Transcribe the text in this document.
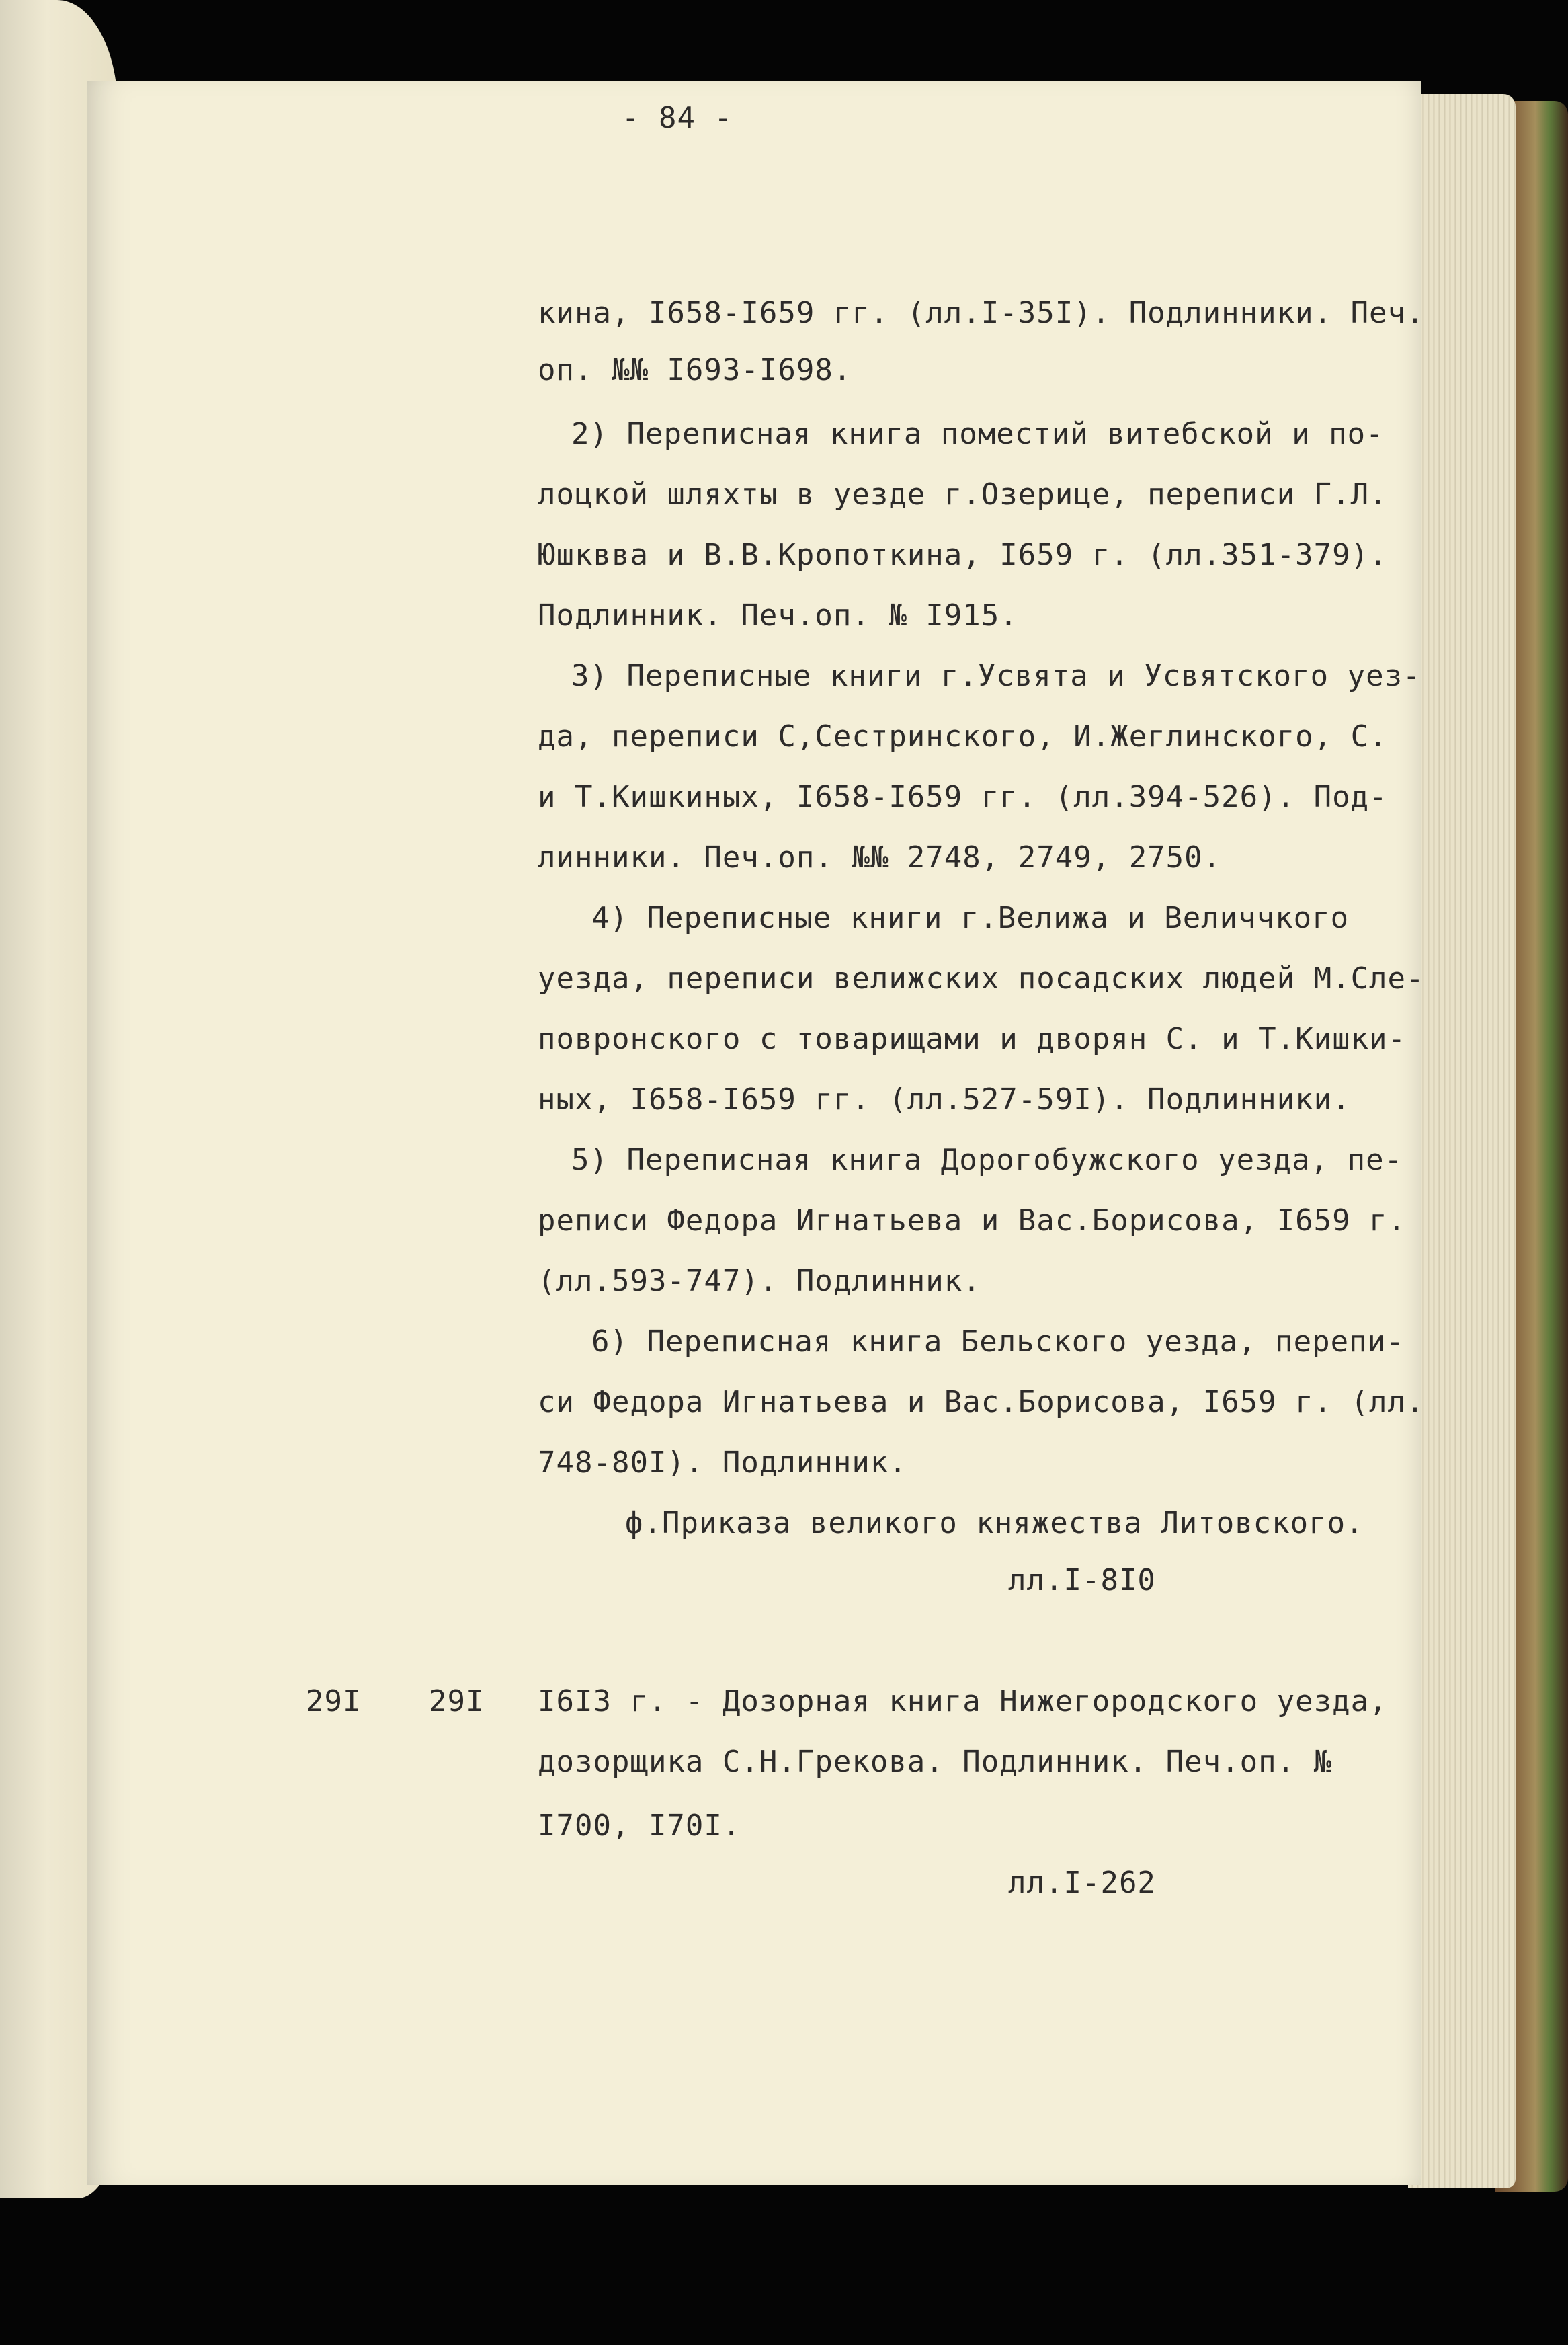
- 84 -
кина, I658-I659 гг. (лл.I-35I). Подлинники. Печ.
оп. №№ I693-I698.
2) Переписная книга поместий витебской и по-
лоцкой шляхты в уезде г.Озерице, переписи Г.Л.
Юшквва и В.В.Кропоткина, I659 г. (лл.351-379).
Подлинник. Печ.оп. № I915.
3) Переписные книги г.Усвята и Усвятского уез-
да, переписи С,Сестринского, И.Жеглинского, С.
и Т.Кишкиных, I658-I659 гг. (лл.394-526). Под-
линники. Печ.оп. №№ 2748, 2749, 2750.
4) Переписные книги г.Велижа и Величчкого
уезда, переписи велижских посадских людей М.Сле-
повронского с товарищами и дворян С. и Т.Кишки-
ных, I658-I659 гг. (лл.527-59I). Подлинники.
5) Переписная книга Дорогобужского уезда, пе-
реписи Федора Игнатьева и Вас.Борисова, I659 г.
(лл.593-747). Подлинник.
6) Переписная книга Бельского уезда, перепи-
си Федора Игнатьева и Вас.Борисова, I659 г. (лл.
748-80I). Подлинник.
ф.Приказа великого княжества Литовского.
лл.I-8I0
29I 29I I6I3 г. - Дозорная книга Нижегородского уезда,
дозорщика С.Н.Грекова. Подлинник. Печ.оп. №
I700, I70I.
лл.I-262
